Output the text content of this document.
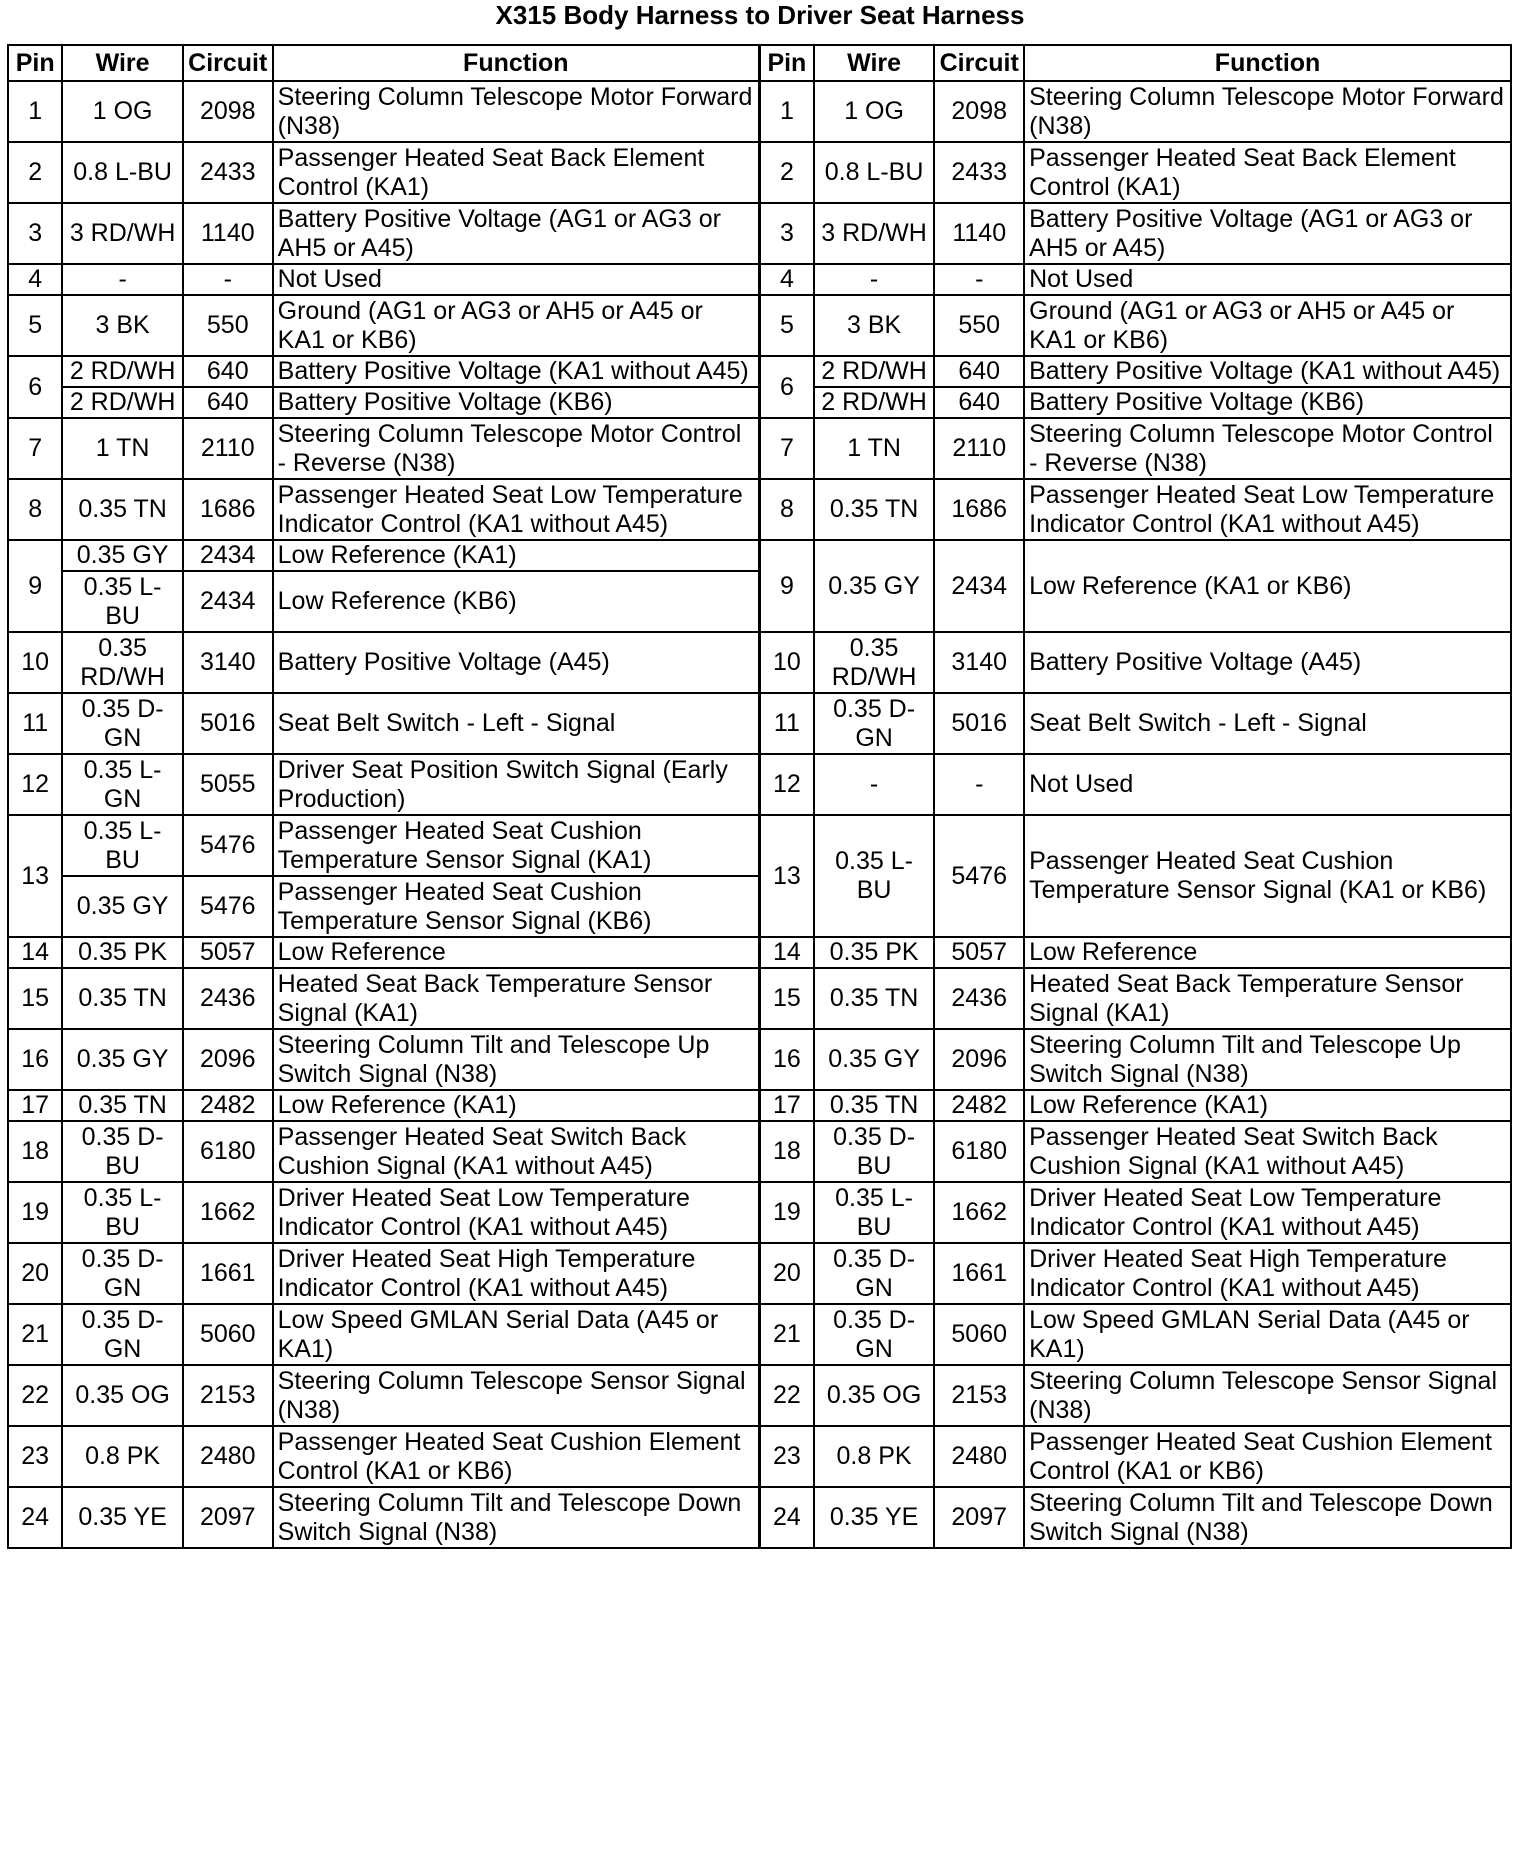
X315 Body Harness to Driver Seat Harness
Pin	Wire	Circuit	Function	Pin	Wire	Circuit	Function
1	1 OG	2098	Steering Column Telescope Motor Forward (N38)	1	1 OG	2098	Steering Column Telescope Motor Forward (N38)
2	0.8 L-BU	2433	Passenger Heated Seat Back Element Control (KA1)	2	0.8 L-BU	2433	Passenger Heated Seat Back Element Control (KA1)
3	3 RD/WH	1140	Battery Positive Voltage (AG1 or AG3 or AH5 or A45)	3	3 RD/WH	1140	Battery Positive Voltage (AG1 or AG3 or AH5 or A45)
4	-	-	Not Used	4	-	-	Not Used
5	3 BK	550	Ground (AG1 or AG3 or AH5 or A45 or KA1 or KB6)	5	3 BK	550	Ground (AG1 or AG3 or AH5 or A45 or KA1 or KB6)
6	2 RD/WH	640	Battery Positive Voltage (KA1 without A45)	6	2 RD/WH	640	Battery Positive Voltage (KA1 without A45)
	2 RD/WH	640	Battery Positive Voltage (KB6)		2 RD/WH	640	Battery Positive Voltage (KB6)
7	1 TN	2110	Steering Column Telescope Motor Control - Reverse (N38)	7	1 TN	2110	Steering Column Telescope Motor Control - Reverse (N38)
8	0.35 TN	1686	Passenger Heated Seat Low Temperature Indicator Control (KA1 without A45)	8	0.35 TN	1686	Passenger Heated Seat Low Temperature Indicator Control (KA1 without A45)
9	0.35 GY	2434	Low Reference (KA1)	9	0.35 GY	2434	Low Reference (KA1 or KB6)
	0.35 L-BU	2434	Low Reference (KB6)				
10	0.35 RD/WH	3140	Battery Positive Voltage (A45)	10	0.35 RD/WH	3140	Battery Positive Voltage (A45)
11	0.35 D-GN	5016	Seat Belt Switch - Left - Signal	11	0.35 D-GN	5016	Seat Belt Switch - Left - Signal
12	0.35 L-GN	5055	Driver Seat Position Switch Signal (Early Production)	12	-	-	Not Used
13	0.35 L-BU	5476	Passenger Heated Seat Cushion Temperature Sensor Signal (KA1)	13	0.35 L-BU	5476	Passenger Heated Seat Cushion Temperature Sensor Signal (KA1 or KB6)
	0.35 GY	5476	Passenger Heated Seat Cushion Temperature Sensor Signal (KB6)				
14	0.35 PK	5057	Low Reference	14	0.35 PK	5057	Low Reference
15	0.35 TN	2436	Heated Seat Back Temperature Sensor Signal (KA1)	15	0.35 TN	2436	Heated Seat Back Temperature Sensor Signal (KA1)
16	0.35 GY	2096	Steering Column Tilt and Telescope Up Switch Signal (N38)	16	0.35 GY	2096	Steering Column Tilt and Telescope Up Switch Signal (N38)
17	0.35 TN	2482	Low Reference (KA1)	17	0.35 TN	2482	Low Reference (KA1)
18	0.35 D-BU	6180	Passenger Heated Seat Switch Back Cushion Signal (KA1 without A45)	18	0.35 D-BU	6180	Passenger Heated Seat Switch Back Cushion Signal (KA1 without A45)
19	0.35 L-BU	1662	Driver Heated Seat Low Temperature Indicator Control (KA1 without A45)	19	0.35 L-BU	1662	Driver Heated Seat Low Temperature Indicator Control (KA1 without A45)
20	0.35 D-GN	1661	Driver Heated Seat High Temperature Indicator Control (KA1 without A45)	20	0.35 D-GN	1661	Driver Heated Seat High Temperature Indicator Control (KA1 without A45)
21	0.35 D-GN	5060	Low Speed GMLAN Serial Data (A45 or KA1)	21	0.35 D-GN	5060	Low Speed GMLAN Serial Data (A45 or KA1)
22	0.35 OG	2153	Steering Column Telescope Sensor Signal (N38)	22	0.35 OG	2153	Steering Column Telescope Sensor Signal (N38)
23	0.8 PK	2480	Passenger Heated Seat Cushion Element Control (KA1 or KB6)	23	0.8 PK	2480	Passenger Heated Seat Cushion Element Control (KA1 or KB6)
24	0.35 YE	2097	Steering Column Tilt and Telescope Down Switch Signal (N38)	24	0.35 YE	2097	Steering Column Tilt and Telescope Down Switch Signal (N38)
